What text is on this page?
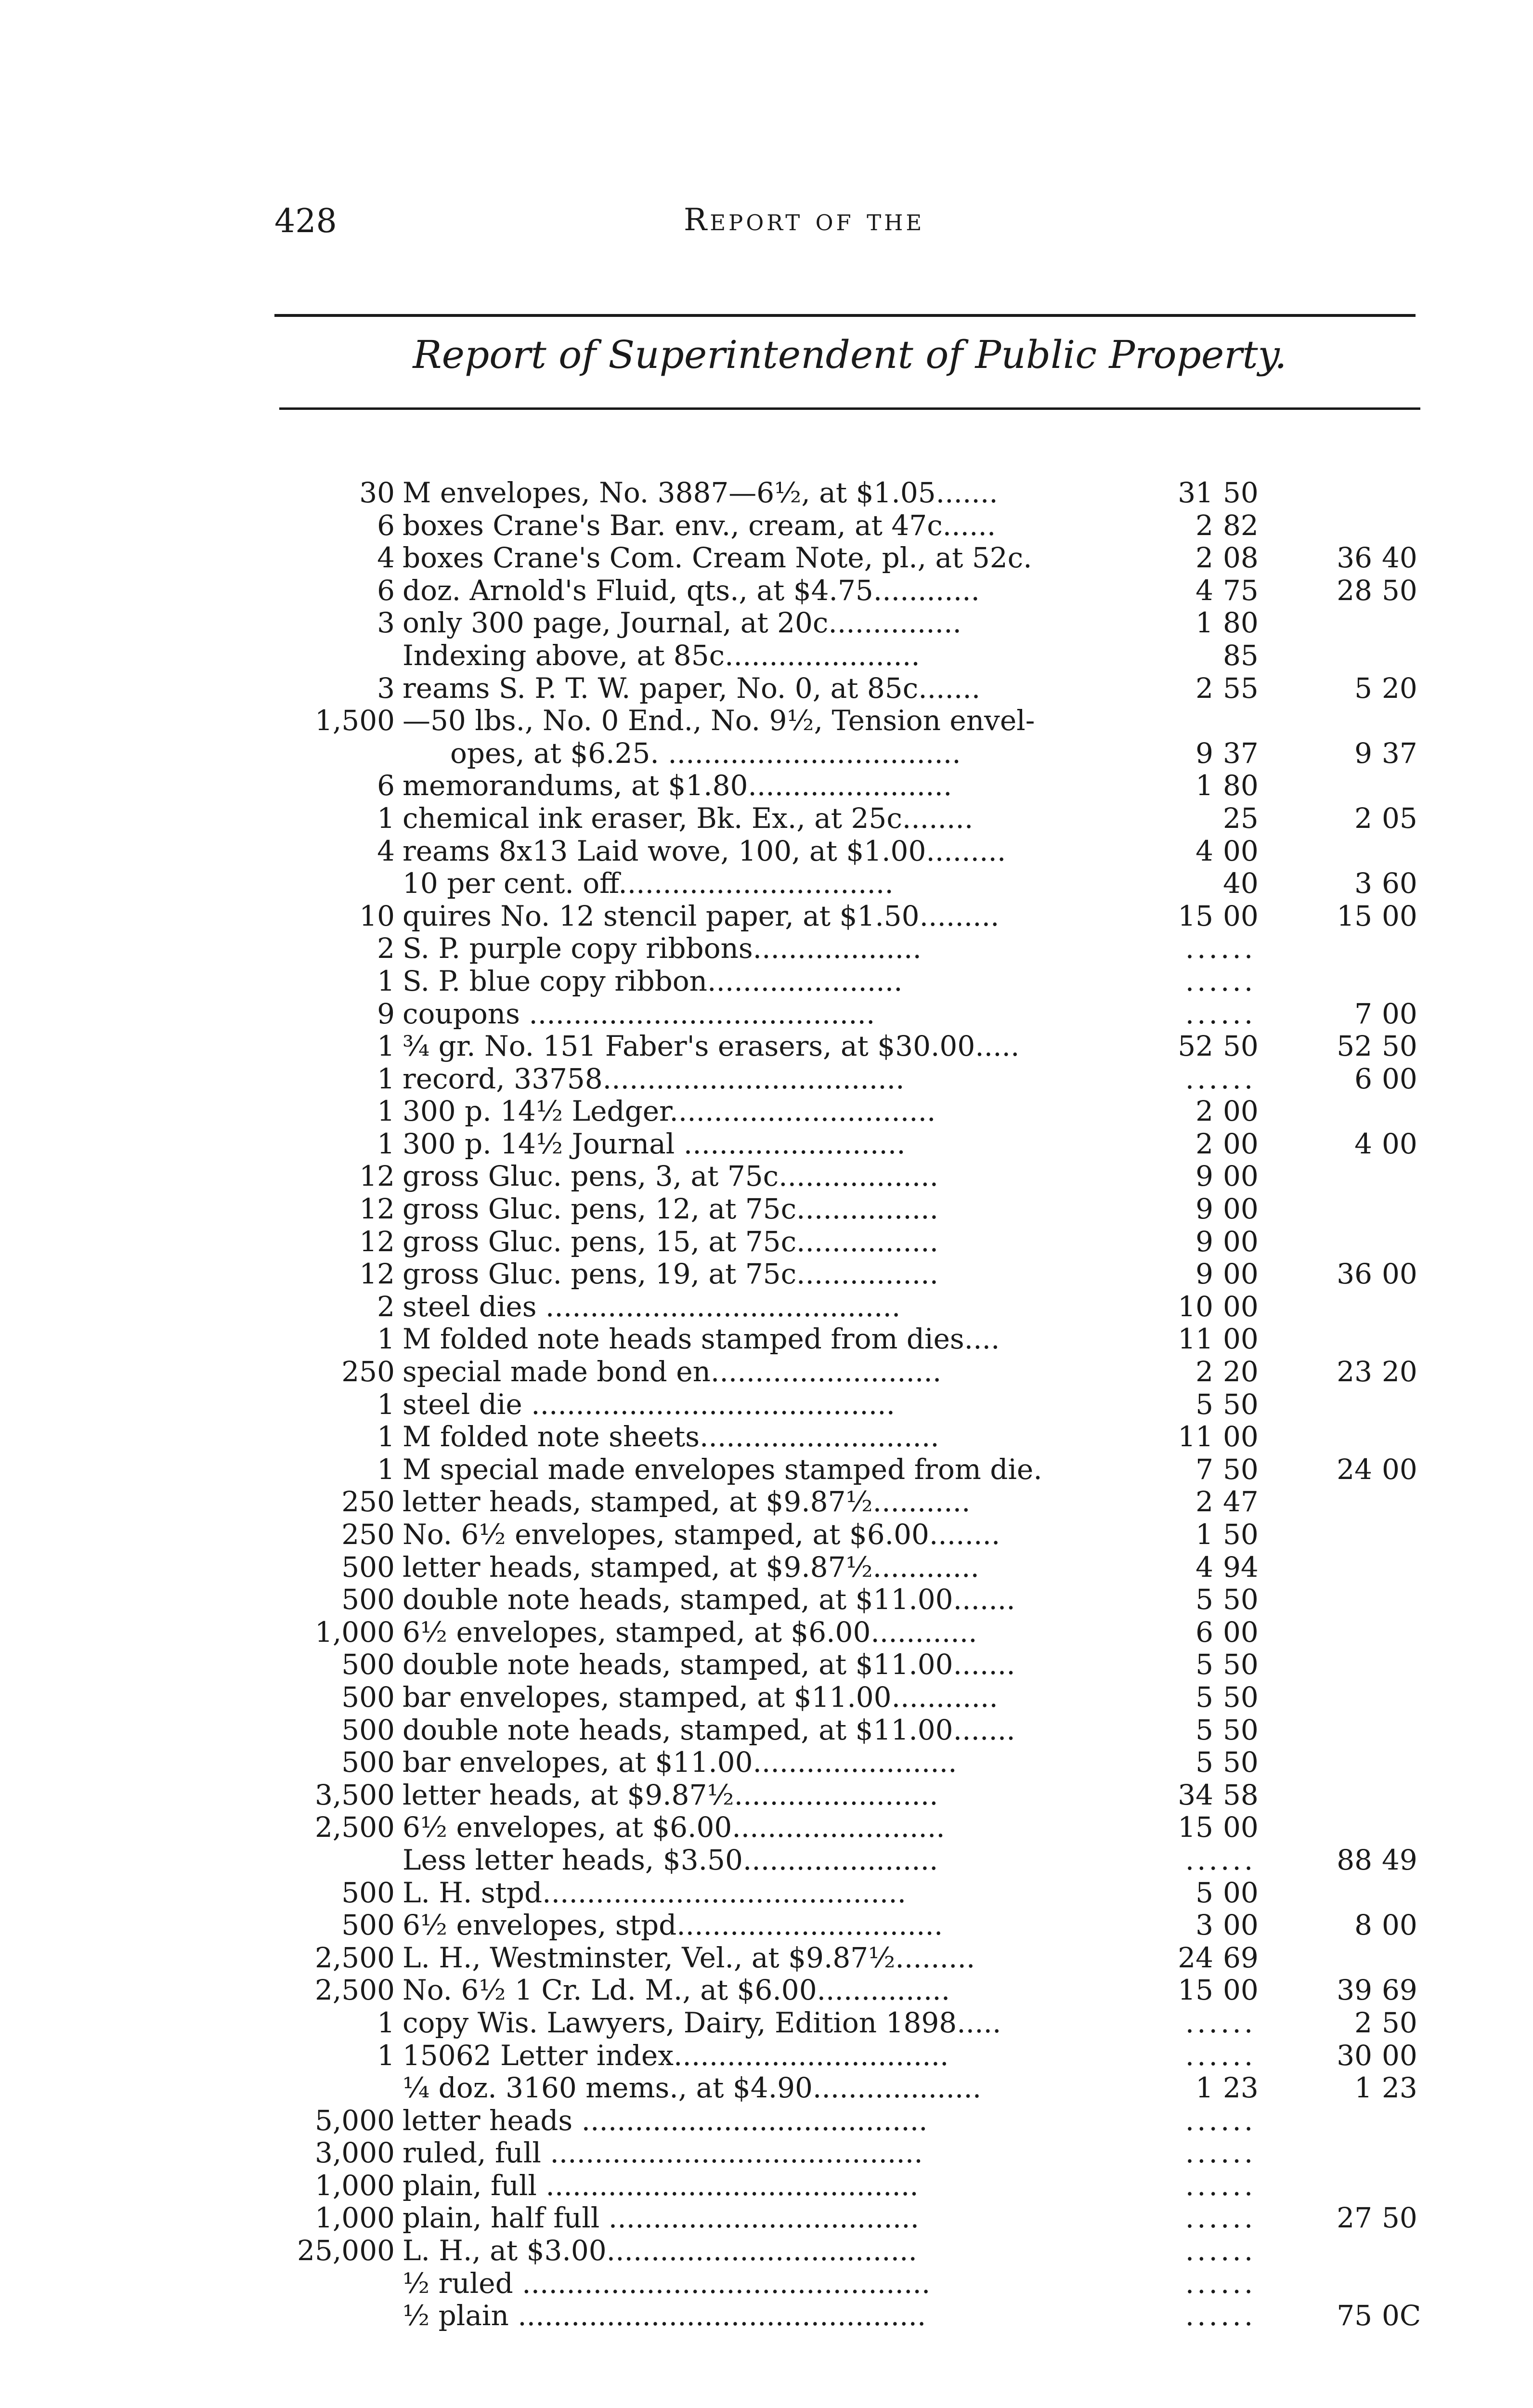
428	Report of the
Report of Superintendent of Public Property.
30 M envelopes, No. 3887—6½, at $1.05.......	31 50
6 boxes Crane's Bar. env., cream, at 47c......	2 82
4 boxes Crane's Com. Cream Note, pl., at 52c.	2 08	36 40
6 doz. Arnold's Fluid, qts., at $4.75............	4 75	28 50
3 only 300 page, Journal, at 20c...............	1 80
Indexing above, at 85c......................	85
3 reams S. P. T. W. paper, No. 0, at 85c.......	2 55	5 20
1,500 —50 lbs., No. 0 End., No. 9½, Tension envel-
opes, at $6.25. .................................	9 37	9 37
6 memorandums, at $1.80.......................	1 80
1 chemical ink eraser, Bk. Ex., at 25c........	25	2 05
4 reams 8x13 Laid wove, 100, at $1.00.........	4 00
10 per cent. off...............................	40	3 60
10 quires No. 12 stencil paper, at $1.50.........	15 00	15 00
2 S. P. purple copy ribbons...................	......
1 S. P. blue copy ribbon......................	......
9 coupons .......................................	......	7 00
1 ¾ gr. No. 151 Faber's erasers, at $30.00.....	52 50	52 50
1 record, 33758..................................	......	6 00
1 300 p. 14½ Ledger..............................	2 00
1 300 p. 14½ Journal .........................	2 00	4 00
12 gross Gluc. pens, 3, at 75c..................	9 00
12 gross Gluc. pens, 12, at 75c................	9 00
12 gross Gluc. pens, 15, at 75c................	9 00
12 gross Gluc. pens, 19, at 75c................	9 00	36 00
2 steel dies ........................................	10 00
1 M folded note heads stamped from dies....	11 00
250 special made bond en..........................	2 20	23 20
1 steel die .........................................	5 50
1 M folded note sheets...........................	11 00
1 M special made envelopes stamped from die.	7 50	24 00
250 letter heads, stamped, at $9.87½...........	2 47
250 No. 6½ envelopes, stamped, at $6.00........	1 50
500 letter heads, stamped, at $9.87½............	4 94
500 double note heads, stamped, at $11.00.......	5 50
1,000 6½ envelopes, stamped, at $6.00............	6 00
500 double note heads, stamped, at $11.00.......	5 50
500 bar envelopes, stamped, at $11.00............	5 50
500 double note heads, stamped, at $11.00.......	5 50
500 bar envelopes, at $11.00.......................	5 50
3,500 letter heads, at $9.87½.......................	34 58
2,500 6½ envelopes, at $6.00........................	15 00
Less letter heads, $3.50......................	......	88 49
500 L. H. stpd.........................................	5 00
500 6½ envelopes, stpd..............................	3 00	8 00
2,500 L. H., Westminster, Vel., at $9.87½.........	24 69
2,500 No. 6½ 1 Cr. Ld. M., at $6.00...............	15 00	39 69
1 copy Wis. Lawyers, Dairy, Edition 1898.....	......	2 50
1 15062 Letter index...............................	......	30 00
¼ doz. 3160 mems., at $4.90...................	1 23	1 23
5,000 letter heads .......................................	......
3,000 ruled, full ..........................................	......
1,000 plain, full ..........................................	......
1,000 plain, half full ...................................	......	27 50
25,000 L. H., at $3.00...................................	......
½ ruled ..............................................	......
½ plain ..............................................	......	75 0C
